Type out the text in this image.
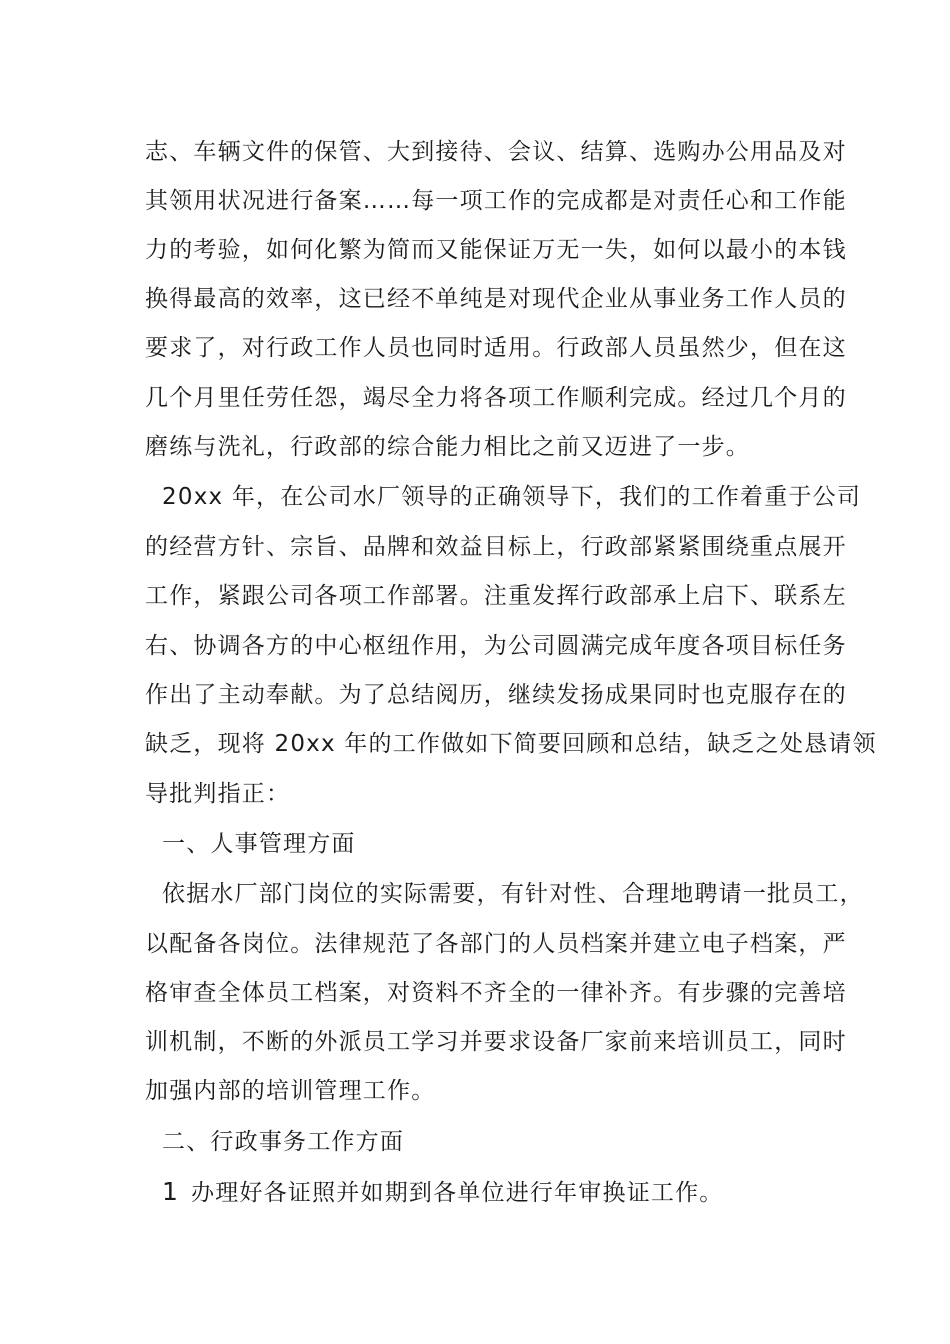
志、车辆文件的保管、大到接待、会议、结算、选购办公用品及对
其领用状况进行备案……每一项工作的完成都是对责任心和工作能
力的考验，如何化繁为简而又能保证万无一失，如何以最小的本钱
换得最高的效率，这已经不单纯是对现代企业从事业务工作人员的
要求了，对行政工作人员也同时适用。行政部人员虽然少，但在这
几个月里任劳任怨，竭尽全力将各项工作顺利完成。经过几个月的
磨练与洗礼，行政部的综合能力相比之前又迈进了一步。
20xx 年，在公司水厂领导的正确领导下，我们的工作着重于公司
的经营方针、宗旨、品牌和效益目标上，行政部紧紧围绕重点展开
工作，紧跟公司各项工作部署。注重发挥行政部承上启下、联系左
右、协调各方的中心枢纽作用，为公司圆满完成年度各项目标任务
作出了主动奉献。为了总结阅历，继续发扬成果同时也克服存在的
缺乏，现将 20xx 年的工作做如下简要回顾和总结，缺乏之处恳请领
导批判指正：
一、人事管理方面
依据水厂部门岗位的实际需要，有针对性、合理地聘请一批员工，
以配备各岗位。法律规范了各部门的人员档案并建立电子档案，严
格审查全体员工档案，对资料不齐全的一律补齐。有步骤的完善培
训机制，不断的外派员工学习并要求设备厂家前来培训员工，同时
加强内部的培训管理工作。
二、行政事务工作方面
1 办理好各证照并如期到各单位进行年审换证工作。
